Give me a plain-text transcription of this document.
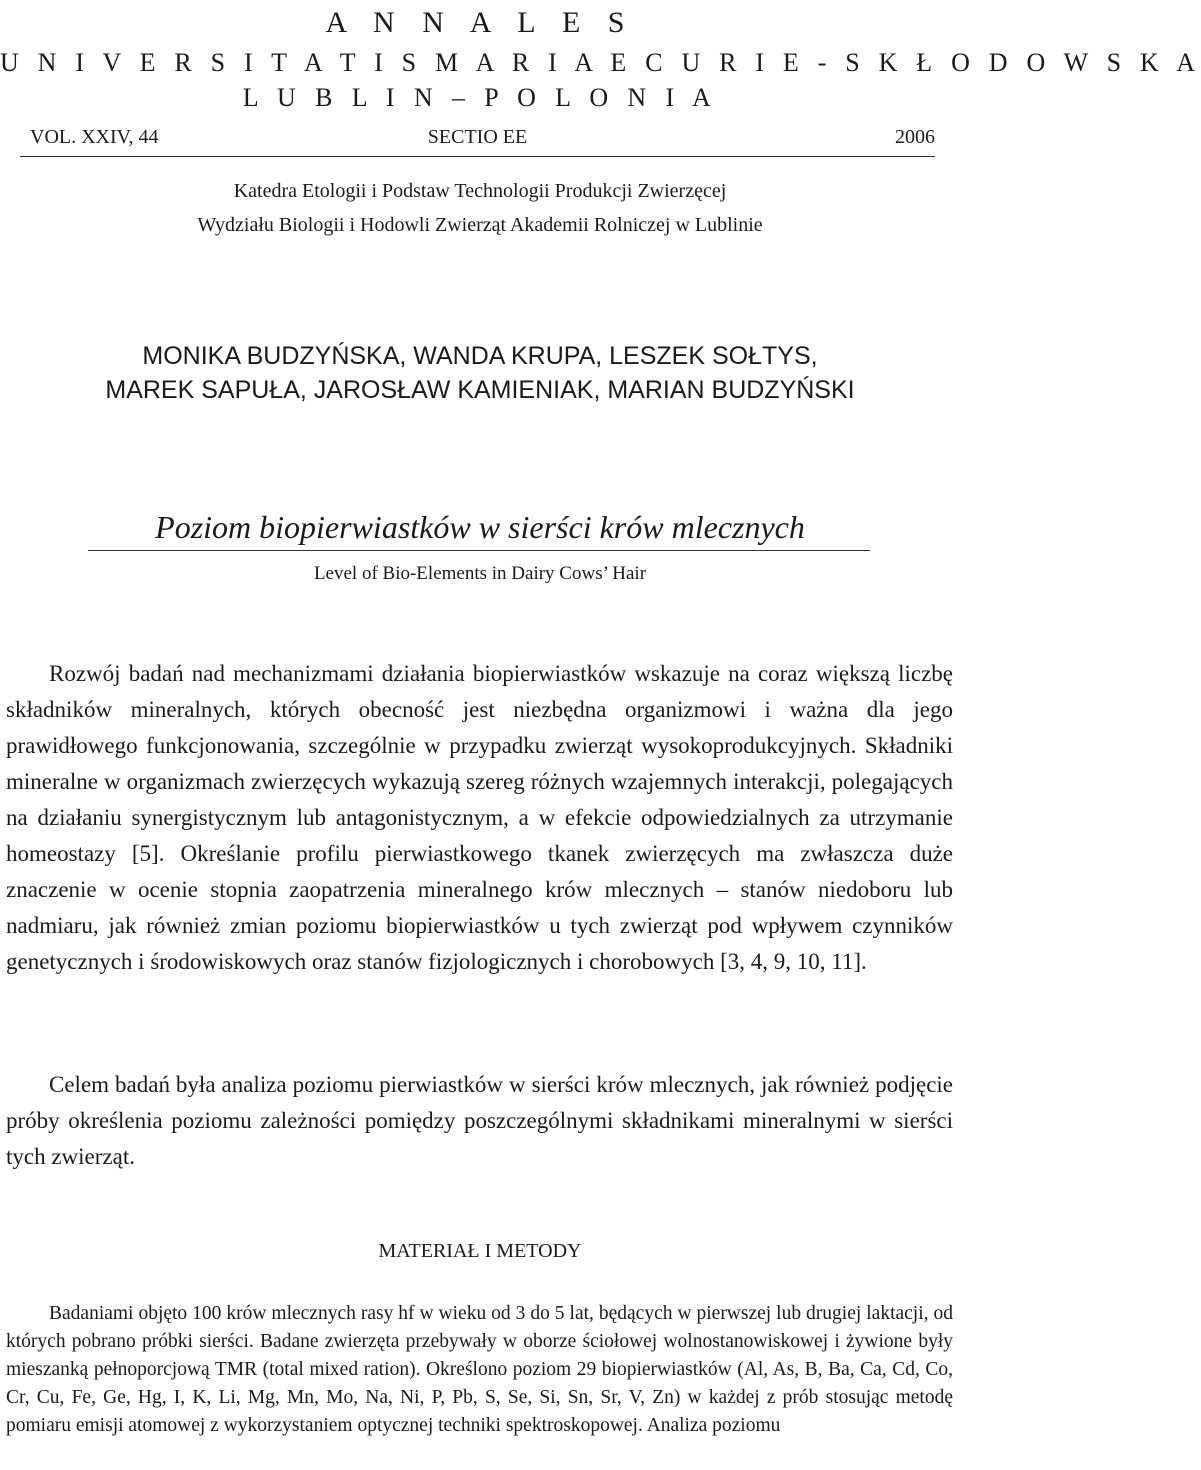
A N N A L E S
U N I V E R S I T A T I S M A R I A E C U R I E - S K Ł O D O W S K A
L U B L I N – P O L O N I A
VOL. XXIV, 44	SECTIO EE	2006
Katedra Etologii i Podstaw Technologii Produkcji Zwierzęcej
Wydziału Biologii i Hodowli Zwierząt Akademii Rolniczej w Lublinie
MONIKA BUDZYŃSKA, WANDA KRUPA, LESZEK SOŁTYS,
MAREK SAPUŁA, JAROSŁAW KAMIENIAK, MARIAN BUDZYŃSKI
Poziom biopierwiastków w sierści krów mlecznych
Level of Bio-Elements in Dairy Cows’ Hair

Rozwój badań nad mechanizmami działania biopierwiastków wskazuje na coraz większą liczbę składników mineralnych, których obecność jest niezbędna organizmowi i ważna dla jego prawidłowego funkcjonowania, szczególnie w przypadku zwierząt wysokoprodukcyjnych. Składniki mineralne w organizmach zwierzęcych wykazują szereg różnych wzajemnych interakcji, polegających na działaniu synergistycznym lub antagonistycznym, a w efekcie odpowiedzialnych za utrzymanie homeostazy [5]. Określanie profilu pierwiastkowego tkanek zwierzęcych ma zwłaszcza duże znaczenie w ocenie stopnia zaopatrzenia mineralnego krów mlecznych – stanów niedoboru lub nadmiaru, jak również zmian poziomu biopierwiastków u tych zwierząt pod wpływem czynników genetycznych i środowiskowych oraz stanów fizjologicznych i chorobowych [3, 4, 9, 10, 11].

Celem badań była analiza poziomu pierwiastków w sierści krów mlecznych, jak również podjęcie próby określenia poziomu zależności pomiędzy poszczególnymi składnikami mineralnymi w sierści tych zwierząt.

MATERIAŁ I METODY

Badaniami objęto 100 krów mlecznych rasy hf w wieku od 3 do 5 lat, będących w pierwszej lub drugiej laktacji, od których pobrano próbki sierści. Badane zwierzęta przebywały w oborze ściołowej wolnostanowiskowej i żywione były mieszanką pełnoporcjową TMR (total mixed ration). Określono poziom 29 biopierwiastków (Al, As, B, Ba, Ca, Cd, Co, Cr, Cu, Fe, Ge, Hg, I, K, Li, Mg, Mn, Mo, Na, Ni, P, Pb, S, Se, Si, Sn, Sr, V, Zn) w każdej z prób stosując metodę pomiaru emisji atomowej z wykorzystaniem optycznej techniki spektroskopowej. Analiza poziomu
